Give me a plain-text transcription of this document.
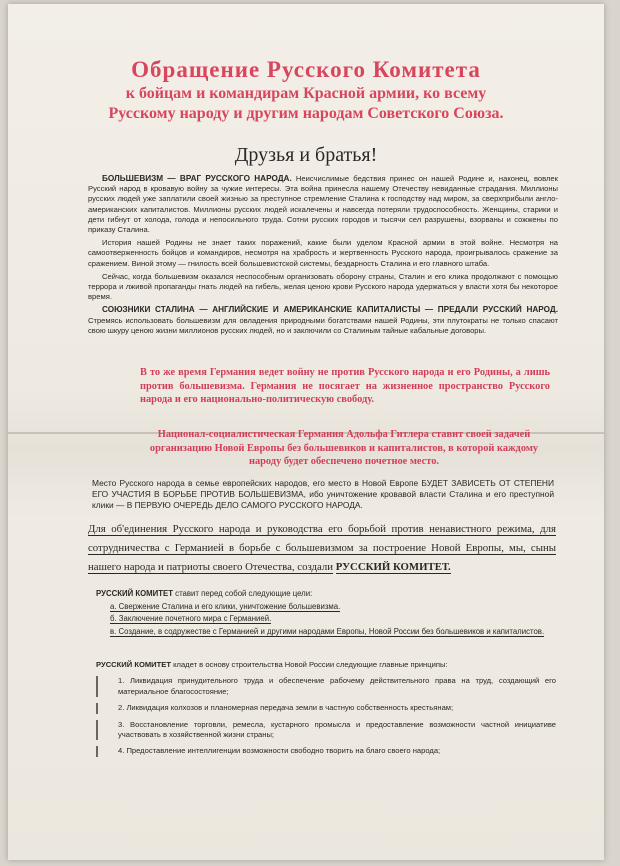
Обращение Русского Комитета
к бойцам и командирам Красной армии, ко всему
Русскому народу и другим народам Советского Союза.
Друзья и братья!

БОЛЬШЕВИЗМ — ВРАГ РУССКОГО НАРОДА. Неисчислимые бедствия принес он нашей Родине и, наконец, вовлек Русский народ в кровавую войну за чужие интересы. Эта война принесла нашему Отечеству невиданные страдания. Миллионы русских людей уже заплатили своей жизнью за преступное стремление Сталина к господству над миром, за сверхприбыли англо-американских капиталистов. Миллионы русских людей искалечены и навсегда потеряли трудоспособность. Женщины, старики и дети гибнут от холода, голода и непосильного труда. Сотни русских городов и тысячи сел разрушены, взорваны и сожжены по приказу Сталина.

История нашей Родины не знает таких поражений, какие были уделом Красной армии в этой войне. Несмотря на самоотверженность бойцов и командиров, несмотря на храбрость и жертвенность Русского народа, проигрывалось сражение за сражением. Виной этому — гнилость всей большевистской системы, бездарность Сталина и его главного штаба.

Сейчас, когда большевизм оказался неспособным организовать оборону страны, Сталин и его клика продолжают с помощью террора и лживой пропаганды гнать людей на гибель, желая ценою крови Русского народа удержаться у власти хотя бы некоторое время.

СОЮЗНИКИ СТАЛИНА — АНГЛИЙСКИЕ И АМЕРИКАНСКИЕ КАПИТАЛИСТЫ — ПРЕДАЛИ РУССКИЙ НАРОД. Стремясь использовать большевизм для овладения природными богатствами нашей Родины, эти плутократы не только спасают свою шкуру ценою жизни миллионов русских людей, но и заключили со Сталиным тайные кабальные договоры.

В то же время Германия ведет войну не против Русского народа и его Родины, а лишь против большевизма. Германия не посягает на жизненное пространство Русского народа и его национально-политическую свободу.
Национал-социалистическая Германия Адольфа Гитлера ставит своей задачей организацию Новой Европы без большевиков и капиталистов, в которой каждому народу будет обеспечено почетное место.
Место Русского народа в семье европейских народов, его место в Новой Европе БУДЕТ ЗАВИСЕТЬ ОТ СТЕПЕНИ ЕГО УЧАСТИЯ В БОРЬБЕ ПРОТИВ БОЛЬШЕВИЗМА, ибо уничтожение кровавой власти Сталина и его преступной клики — В ПЕРВУЮ ОЧЕРЕДЬ ДЕЛО САМОГО РУССКОГО НАРОДА.
Для об'единения Русского народа и руководства его борьбой против ненавистного режима, для сотрудничества с Германией в борьбе с большевизмом за построение Новой Европы, мы, сыны нашего народа и патриоты своего Отечества, создали РУССКИЙ КОМИТЕТ.
РУССКИЙ КОМИТЕТ ставит перед собой следующие цели:
а. Свержение Сталина и его клики, уничтожение большевизма.
б. Заключение почетного мира с Германией.
в. Создание, в содружестве с Германией и другими народами Европы, Новой России без большевиков и капиталистов.
РУССКИЙ КОМИТЕТ кладет в основу строительства Новой России следующие главные принципы:
1. Ликвидация принудительного труда и обеспечение рабочему действительного права на труд, создающий его материальное благосостояние;
2. Ликвидация колхозов и планомерная передача земли в частную собственность крестьянам;
3. Восстановление торговли, ремесла, кустарного промысла и предоставление возможности частной инициативе участвовать в хозяйственной жизни страны;
4. Предоставление интеллигенции возможности свободно творить на благо своего народа;
